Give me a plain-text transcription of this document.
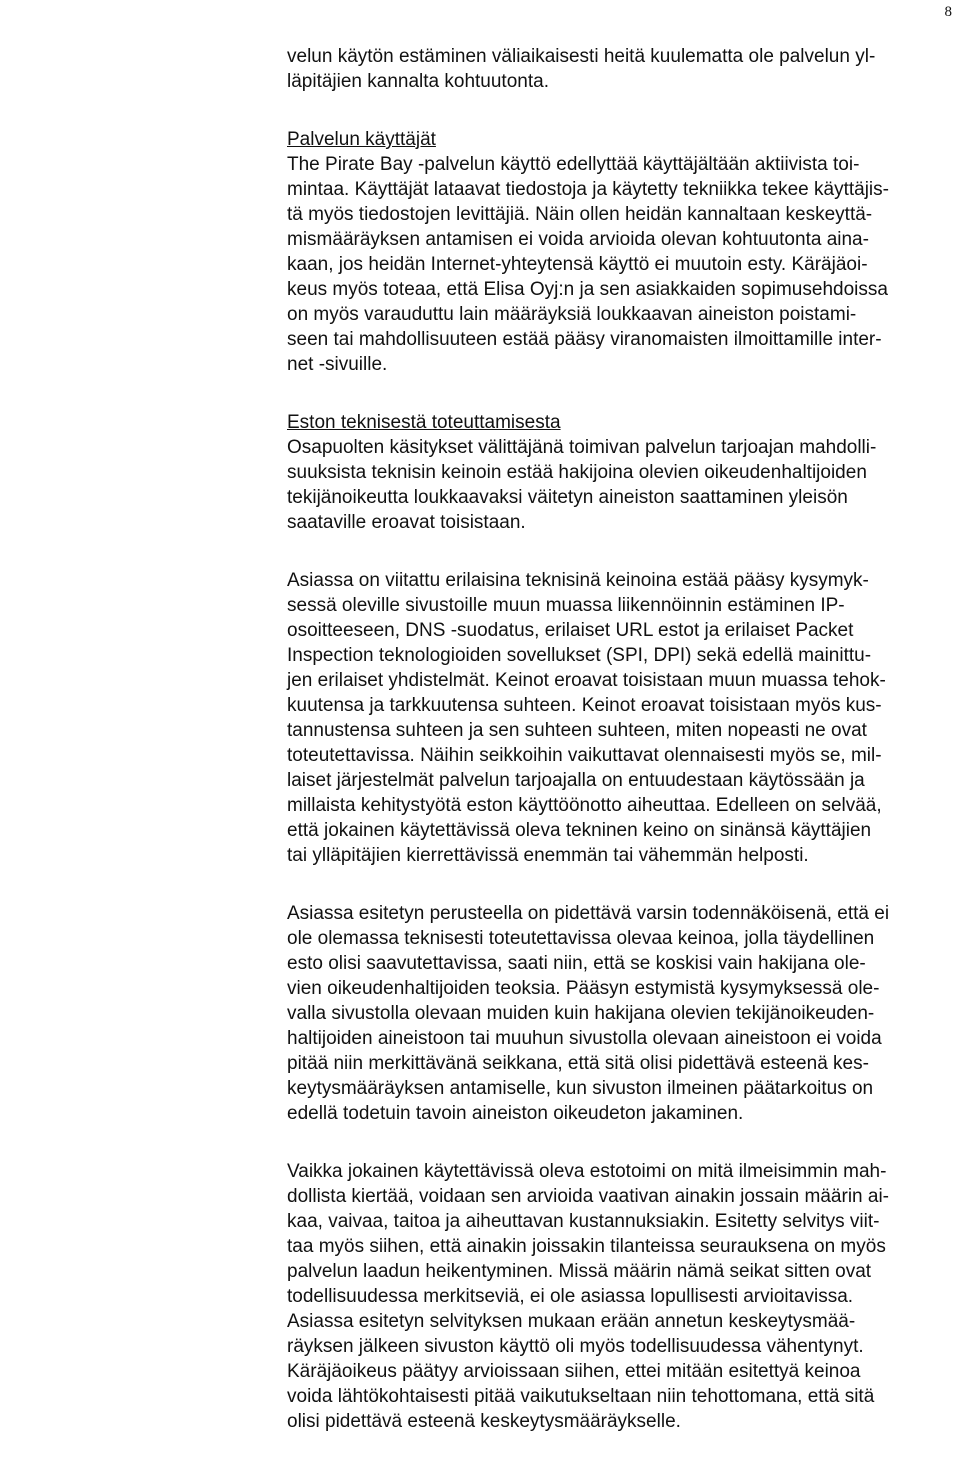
8
velun käytön estäminen väliaikaisesti heitä kuulematta ole palvelun yl-
läpitäjien kannalta kohtuutonta.
Palvelun käyttäjät
The Pirate Bay -palvelun käyttö edellyttää käyttäjältään aktiivista toi-
mintaa. Käyttäjät lataavat tiedostoja ja käytetty tekniikka tekee käyttäjis-
tä myös tiedostojen levittäjiä. Näin ollen heidän kannaltaan keskeyttä-
mismääräyksen antamisen ei voida arvioida olevan kohtuutonta aina-
kaan, jos heidän Internet-yhteytensä käyttö ei muutoin esty. Käräjäoi-
keus myös toteaa, että Elisa Oyj:n ja sen asiakkaiden sopimusehdoissa
on myös varauduttu lain määräyksiä loukkaavan aineiston poistami-
seen tai mahdollisuuteen estää pääsy viranomaisten ilmoittamille inter-
net -sivuille.
Eston teknisestä toteuttamisesta
Osapuolten käsitykset välittäjänä toimivan palvelun tarjoajan mahdolli-
suuksista teknisin keinoin estää hakijoina olevien oikeudenhaltijoiden
tekijänoikeutta loukkaavaksi väitetyn aineiston saattaminen yleisön
saataville eroavat toisistaan.
Asiassa on viitattu erilaisina teknisinä keinoina estää pääsy kysymyk-
sessä oleville sivustoille muun muassa liikennöinnin estäminen IP-
osoitteeseen, DNS -suodatus, erilaiset URL estot ja erilaiset Packet
Inspection teknologioiden sovellukset (SPI, DPI) sekä edellä mainittu-
jen erilaiset yhdistelmät. Keinot eroavat toisistaan muun muassa tehok-
kuutensa ja tarkkuutensa suhteen. Keinot eroavat toisistaan myös kus-
tannustensa suhteen ja sen suhteen suhteen, miten nopeasti ne ovat
toteutettavissa. Näihin seikkoihin vaikuttavat olennaisesti myös se, mil-
laiset järjestelmät palvelun tarjoajalla on entuudestaan käytössään ja
millaista kehitystyötä eston käyttöönotto aiheuttaa. Edelleen on selvää,
että jokainen käytettävissä oleva tekninen keino on sinänsä käyttäjien
tai ylläpitäjien kierrettävissä enemmän tai vähemmän helposti.
Asiassa esitetyn perusteella on pidettävä varsin todennäköisenä, että ei
ole olemassa teknisesti toteutettavissa olevaa keinoa, jolla täydellinen
esto olisi saavutettavissa, saati niin, että se koskisi vain hakijana ole-
vien oikeudenhaltijoiden teoksia. Pääsyn estymistä kysymyksessä ole-
valla sivustolla olevaan muiden kuin hakijana olevien tekijänoikeuden-
haltijoiden aineistoon tai muuhun sivustolla olevaan aineistoon ei voida
pitää niin merkittävänä seikkana, että sitä olisi pidettävä esteenä kes-
keytysmääräyksen antamiselle, kun sivuston ilmeinen päätarkoitus on
edellä todetuin tavoin aineiston oikeudeton jakaminen.
Vaikka jokainen käytettävissä oleva estotoimi on mitä ilmeisimmin mah-
dollista kiertää, voidaan sen arvioida vaativan ainakin jossain määrin ai-
kaa, vaivaa, taitoa ja aiheuttavan kustannuksiakin. Esitetty selvitys viit-
taa myös siihen, että ainakin joissakin tilanteissa seurauksena on myös
palvelun laadun heikentyminen. Missä määrin nämä seikat sitten ovat
todellisuudessa merkitseviä, ei ole asiassa lopullisesti arvioitavissa.
Asiassa esitetyn selvityksen mukaan erään annetun keskeytysmää-
räyksen jälkeen sivuston käyttö oli myös todellisuudessa vähentynyt.
Käräjäoikeus päätyy arvioissaan siihen, ettei mitään esitettyä keinoa
voida lähtökohtaisesti pitää vaikutukseltaan niin tehottomana, että sitä
olisi pidettävä esteenä keskeytysmääräykselle.
